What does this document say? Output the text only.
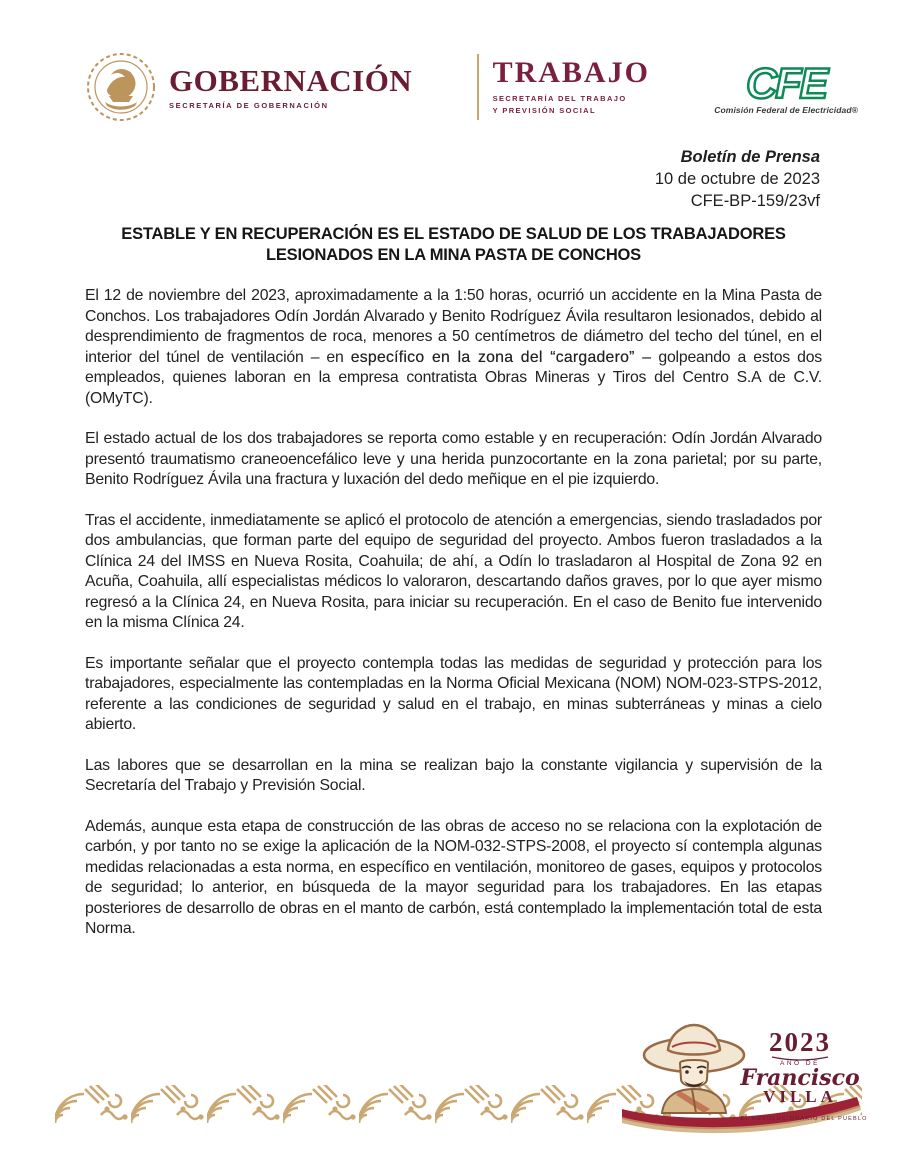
GOBERNACIÓN
SECRETARÍA DE GOBERNACIÓN
TRABAJO
SECRETARÍA DEL TRABAJO
Y PREVISIÓN SOCIAL
CFE
Comisión Federal de Electricidad®
Boletín de Prensa
10 de octubre de 2023
CFE-BP-159/23vf
ESTABLE Y EN RECUPERACIÓN ES EL ESTADO DE SALUD DE LOS TRABAJADORES
LESIONADOS EN LA MINA PASTA DE CONCHOS

El 12 de noviembre del 2023, aproximadamente a la 1:50 horas, ocurrió un accidente en la Mina Pasta de Conchos. Los trabajadores Odín Jordán Alvarado y Benito Rodríguez Ávila resultaron lesionados, debido al desprendimiento de fragmentos de roca, menores a 50 centímetros de diámetro del techo del túnel, en el interior del túnel de ventilación – en específico en la zona del “cargadero” – golpeando a estos dos empleados, quienes laboran en la empresa contratista Obras Mineras y Tiros del Centro S.A de C.V. (OMyTC).

El estado actual de los dos trabajadores se reporta como estable y en recuperación: Odín Jordán Alvarado presentó traumatismo craneoencefálico leve y una herida punzocortante en la zona parietal; por su parte, Benito Rodríguez Ávila una fractura y luxación del dedo meñique en el pie izquierdo.

Tras el accidente, inmediatamente se aplicó el protocolo de atención a emergencias, siendo trasladados por dos ambulancias, que forman parte del equipo de seguridad del proyecto. Ambos fueron trasladados a la Clínica 24 del IMSS en Nueva Rosita, Coahuila; de ahí, a Odín lo trasladaron al Hospital de Zona 92 en Acuña, Coahuila, allí especialistas médicos lo valoraron, descartando daños graves, por lo que ayer mismo regresó a la Clínica 24, en Nueva Rosita, para iniciar su recuperación. En el caso de Benito fue intervenido en la misma Clínica 24.

Es importante señalar que el proyecto contempla todas las medidas de seguridad y protección para los trabajadores, especialmente las contempladas en la Norma Oficial Mexicana (NOM) NOM-023-STPS-2012, referente a las condiciones de seguridad y salud en el trabajo, en minas subterráneas y minas a cielo abierto.

Las labores que se desarrollan en la mina se realizan bajo la constante vigilancia y supervisión de la Secretaría del Trabajo y Previsión Social.

Además, aunque esta etapa de construcción de las obras de acceso no se relaciona con la explotación de carbón, y por tanto no se exige la aplicación de la NOM-032-STPS-2008, el proyecto sí contempla algunas medidas relacionadas a esta norma, en específico en ventilación, monitoreo de gases, equipos y protocolos de seguridad; lo anterior, en búsqueda de la mayor seguridad para los trabajadores. En las etapas posteriores de desarrollo de obras en el manto de carbón, está contemplado la implementación total de esta Norma.

2023
AÑO DE
Francisco
VILLA
EL REVOLUCIONARIO DEL PUEBLO
